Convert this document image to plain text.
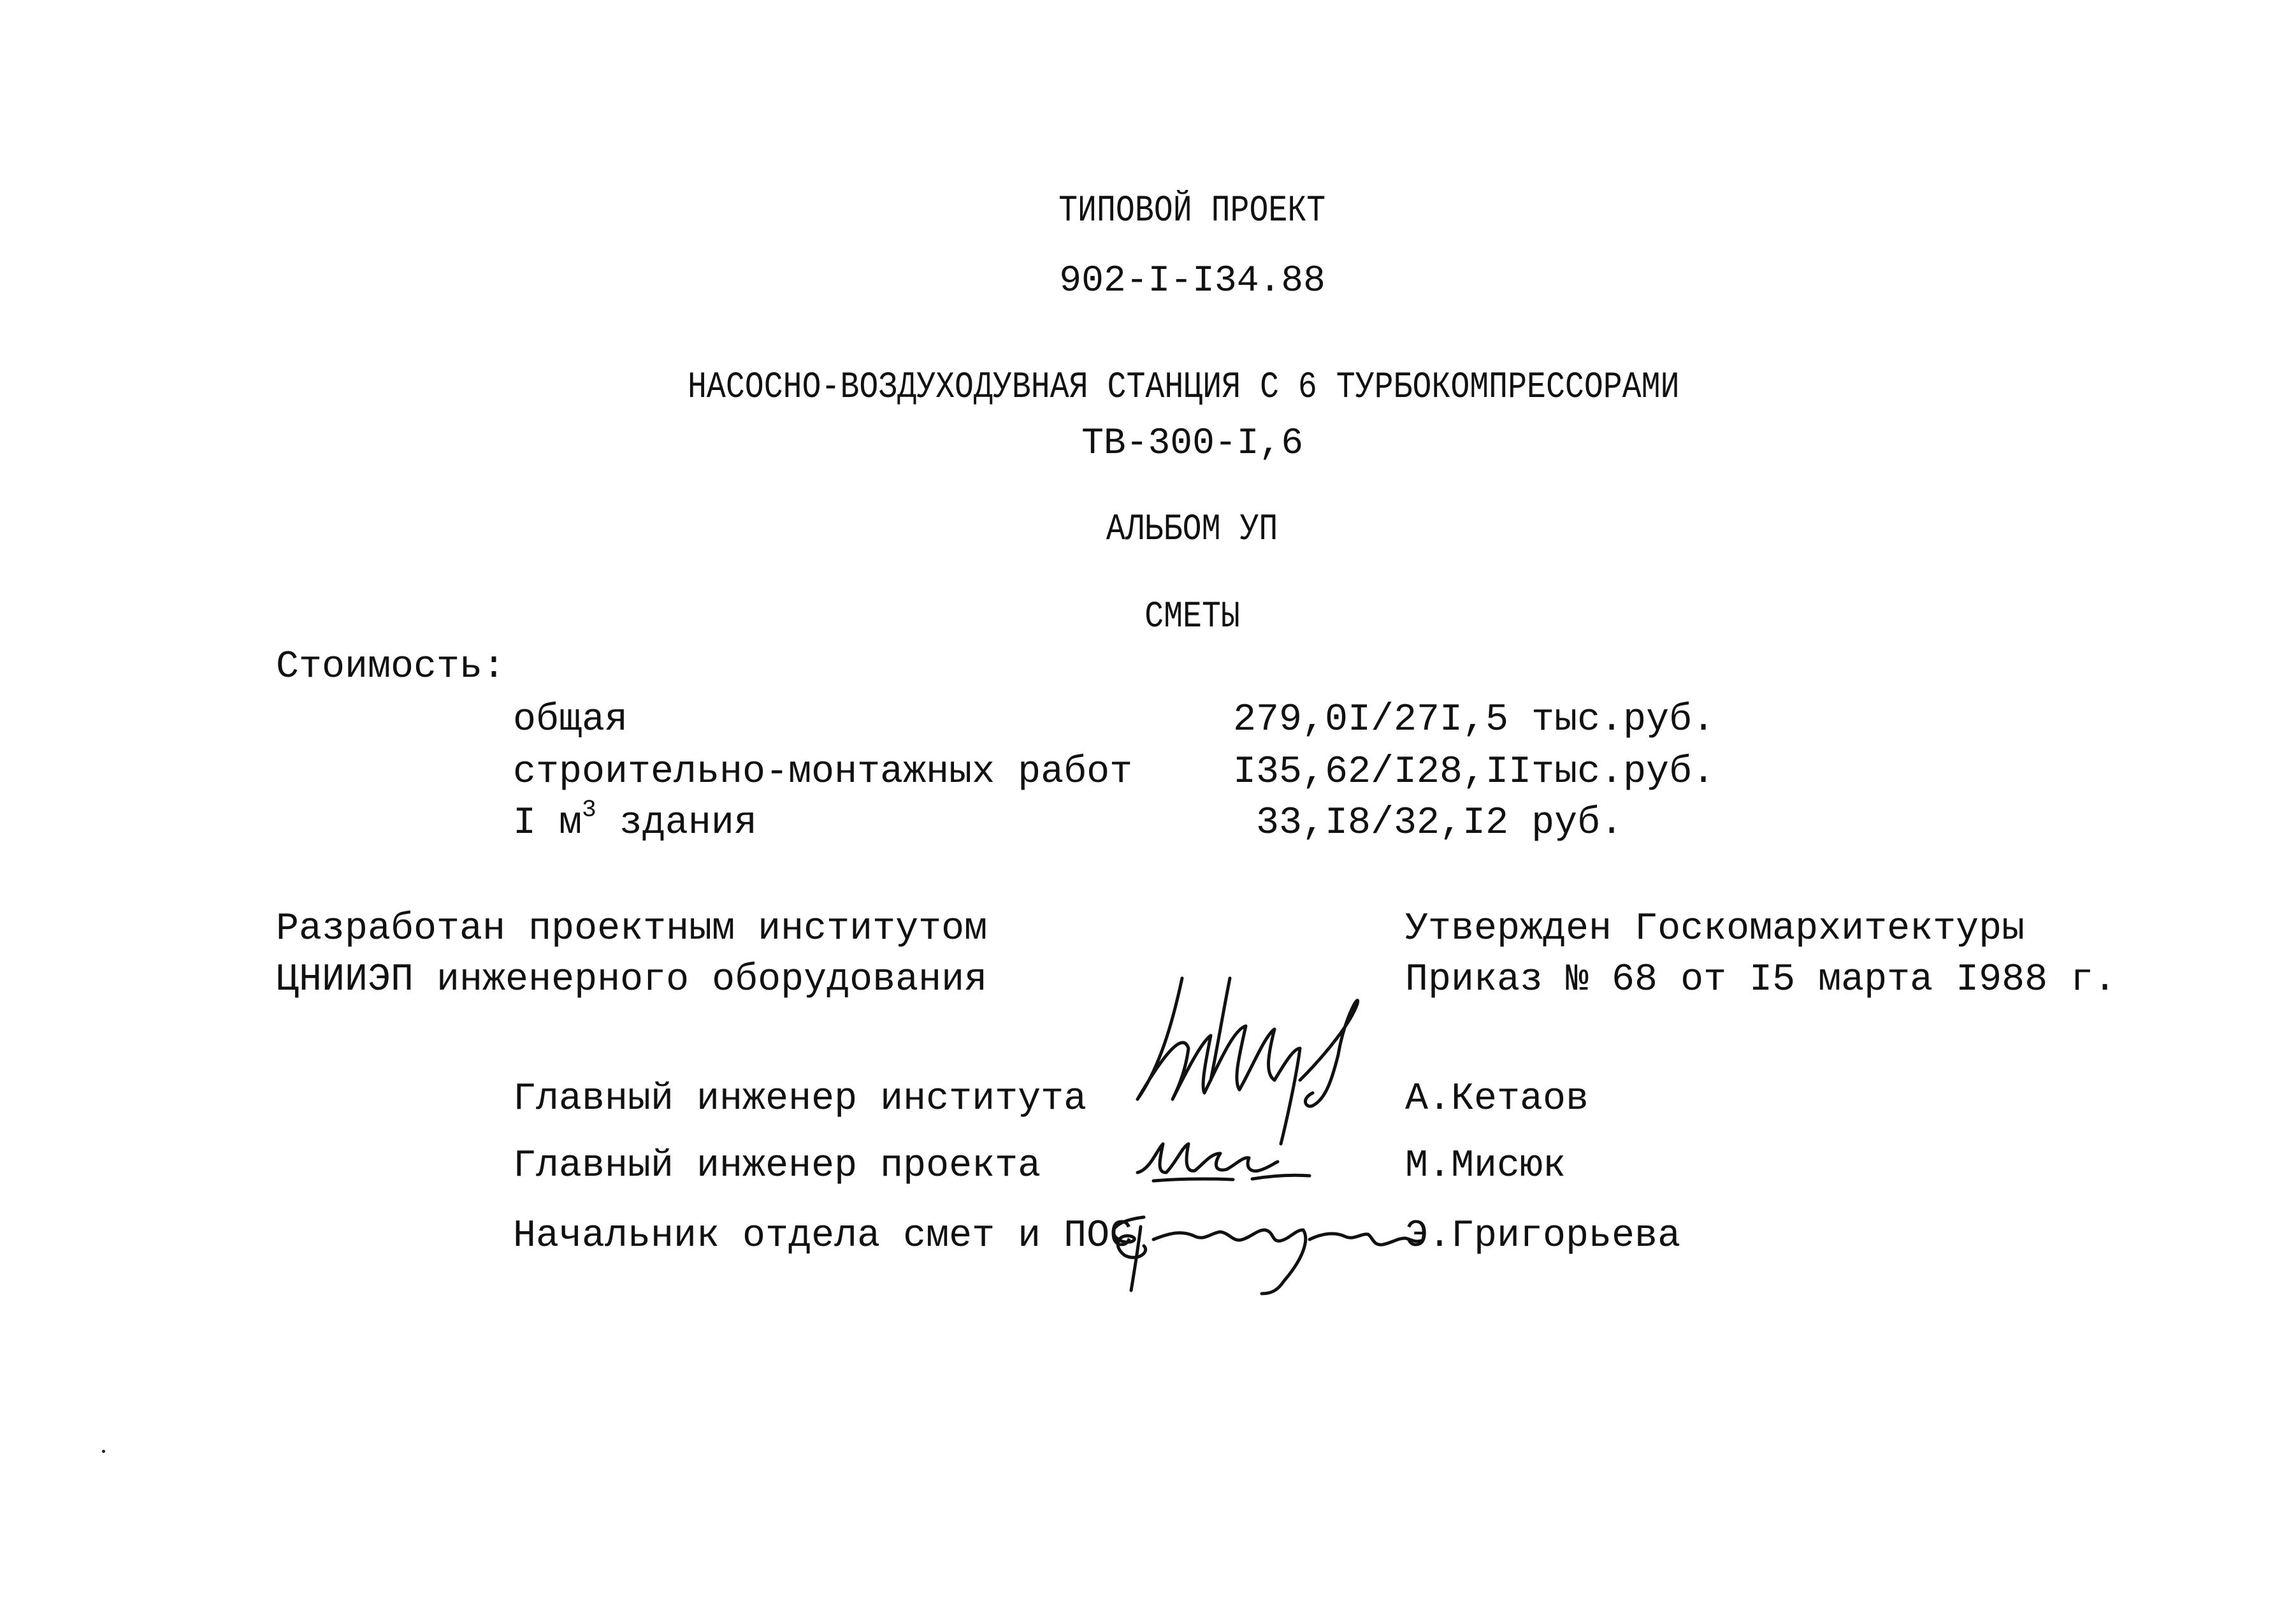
ТИПОВОЙ ПРОЕКТ

902-I-I34.88

НАСОСНО-ВОЗДУХОДУВНАЯ СТАНЦИЯ С 6 ТУРБОКОМПРЕССОРАМИ

ТВ-300-I,6

АЛЬБОМ УП

СМЕТЫ

Стоимость:
общая	279,0I/27I,5 тыс.руб.
строительно-монтажных работ	I35,62/I28,IIтыс.руб.
I $м^3$ здания	33,I8/32,I2 руб.
Разработан проектным институтом
ЦНИИЭП инженерного оборудования
Утвержден Госкомархитектуры
Приказ № 68 от I5 марта I988 г.
Главный инженер института	А.Кетаов
Главный инженер проекта	М.Мисюк
Начальник отдела смет и ПОС	Э.Григорьева
